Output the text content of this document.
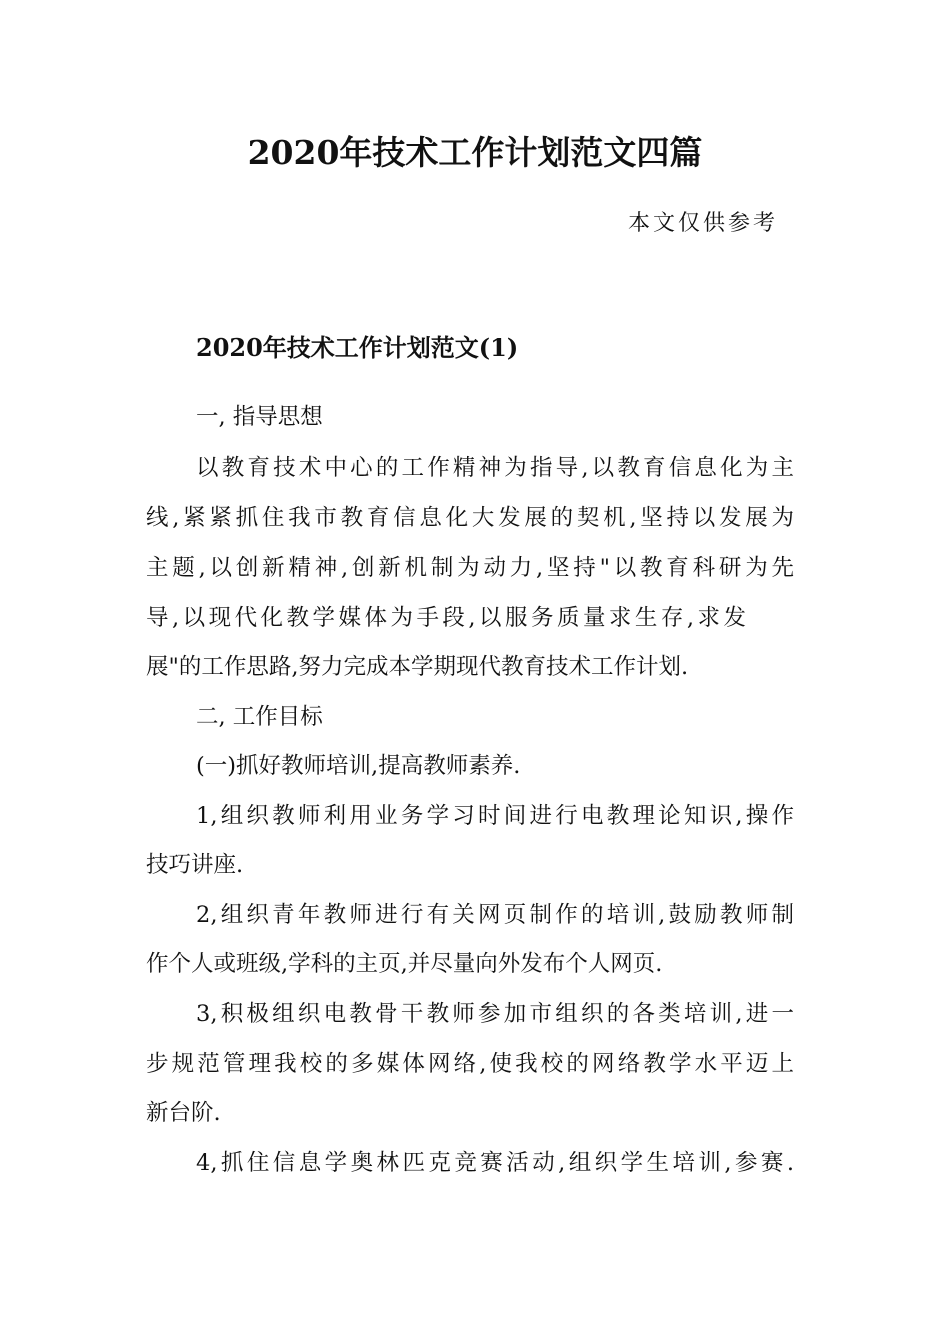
2020年技术工作计划范文四篇
本文仅供参考
2020年技术工作计划范文(1)
一, 指导思想
以教育技术中心的工作精神为指导,以教育信息化为主
线,紧紧抓住我市教育信息化大发展的契机,坚持以发展为
主题,以创新精神,创新机制为动力,坚持"以教育科研为先
导,以现代化教学媒体为手段,以服务质量求生存,求发
展"的工作思路,努力完成本学期现代教育技术工作计划.
二, 工作目标
(一)抓好教师培训,提高教师素养.
1,组织教师利用业务学习时间进行电教理论知识,操作
技巧讲座.
2,组织青年教师进行有关网页制作的培训,鼓励教师制
作个人或班级,学科的主页,并尽量向外发布个人网页.
3,积极组织电教骨干教师参加市组织的各类培训,进一
步规范管理我校的多媒体网络,使我校的网络教学水平迈上
新台阶.
4,抓住信息学奥林匹克竞赛活动,组织学生培训,参赛.
